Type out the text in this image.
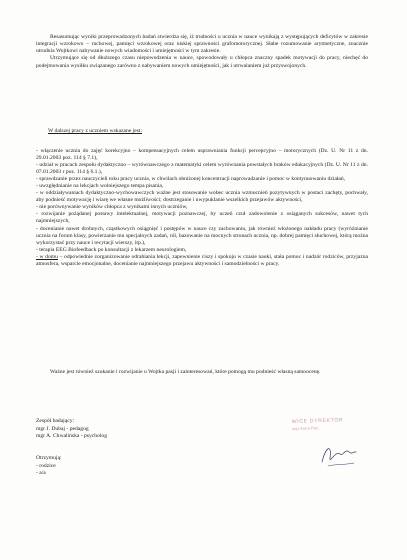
Resasumując wyniki przeprowadzonych badań stwierdza się, iż trudności u ucznia w nauce wynikają z występujących deficytów w zakresie integracji wzrokowo – ruchowej, pamięci wzrokowej oraz niskiej sprawności grafomotorycznej. Słabe rozumowanie arytmetyczne, znacznie utrudnia Wojtkowi nabywanie nowych wiadomości i umiejętności w tym zakresie.

Utrzymujące się od dłuższego czasu niepowodzenia w nauce, spowodowały u chłopca znaczny spadek motywacji do pracy, niechęć do podejmowania wysiłku związanego zarówno z nabywaniem nowych umiejętności, jak i utrwalaniem już przyswojonych.

W dalszej pracy z uczniem wskazane jest:

- włączenie ucznia do zajęć korekcyjno – kompensacyjnych celem usprawniania funkcji percepcyjno – motorycznych (Dz. U. Nr 11 z dn. 29.01.2003 poz. 114 § 7.1),

- udział w pracach zespołu dydaktyczno – wyrównawczego z matematyki celem wyrównania powstałych braków edukacyjnych (Dz. U. Nr 11 z dn. 07.01.2003 r poz. 114 § 6.1.),

- sprawdzanie przez nauczycieli toku pracy ucznia, w chwilach obniżonej koncentracji naprowadzanie i pomoc w kontynuowaniu działań,

- uwzględnianie na lekcjach wolniejszego tempa pisania,

- w oddziaływaniach dydaktyczno-wychowawczych ważne jest stosowanie wobec ucznia wzmocnień pozytywnych w postaci zachęty, pochwały, aby podnieść motywację i wiarę we własne możliwości; dostrzeganie i uwypuklanie wszelkich przejawów aktywności,

- nie porównywanie wyników chłopca z wynikami innych uczniów,

- rozwijanie pożądanej postawy intelektualnej, motywacji poznawczej, by uczeń czuł zadowolenie z osiąganych sukcesów, nawet tych najmniejszych,

- docenianie nawet drobnych, cząstkowych osiągnięć i postępów w nauce czy zachowaniu, jak również włożonego nakładu pracy (wyróżnianie ucznia na forum klasy, powierzanie mu specjalnych zadań, ról, bazowanie na mocnych stronach ucznia, np. dobrej pamięci słuchowej, którą można wykorzystać przy nauce i recytacji wierszy, itp.),

- terapia EEG Biofeedback po konsultacji z lekarzem neurologiem,

- w domu – odpowiednie zorganizowanie odrabiania lekcji, zapewnienie ciszy i spokoju w czasie nauki, stała pomoc i nadzór rodziców, przyjazna atmosfera, wsparcie emocjonalne, docenianie najmniejszego przejawu aktywności i samodzielności w pracy.

Ważne jest również szukanie i rozwijanie u Wojtka pasji i zainteresowań, które pomogą mu podnieść własną samoocenę.

Zespół badający:

mgr J. Dubaj - pedagog

mgr A. Chwalińska - psycholog

Otrzymują:

- rodzice

- a/a

WICE DYREKTOR
mgr Anna Pac...
